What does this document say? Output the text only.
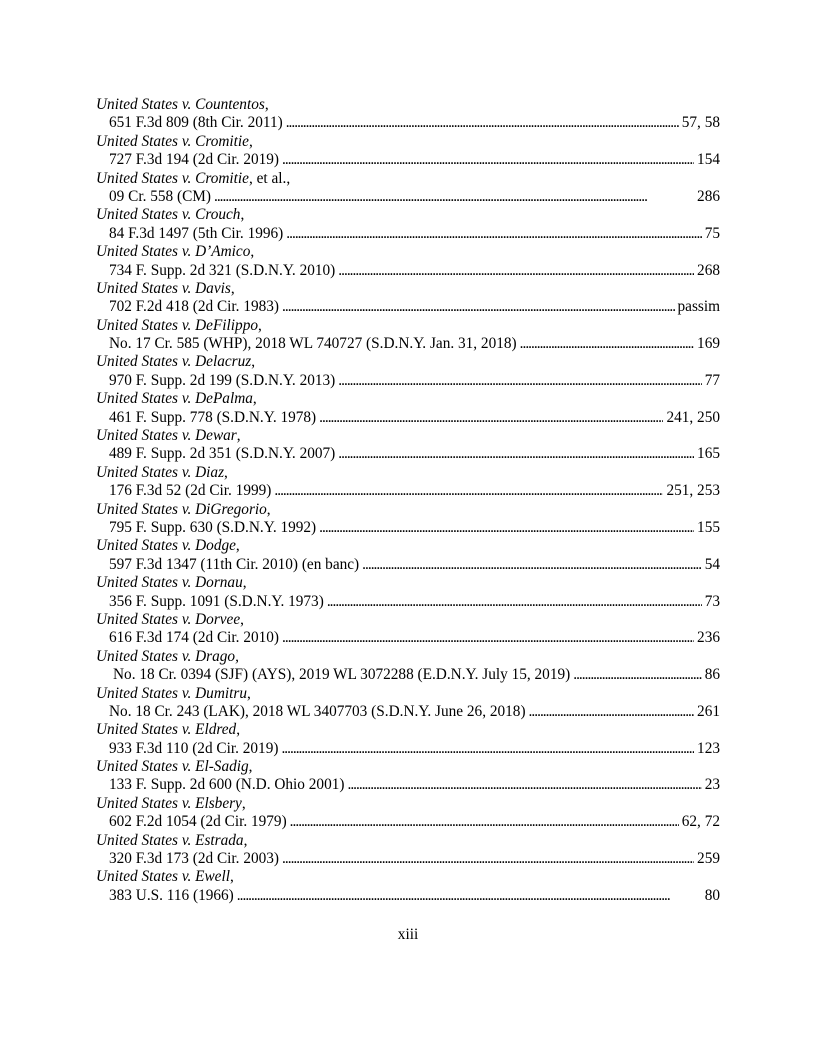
United States v. Countentos,
651 F.3d 809 (8th Cir. 2011) . . .	57, 58
United States v. Cromitie,
727 F.3d 194 (2d Cir. 2019) . . .	154
United States v. Cromitie, et al.,
09 Cr. 558 (CM) . . .	286
United States v. Crouch,
84 F.3d 1497 (5th Cir. 1996) . . .	75
United States v. D’Amico,
734 F. Supp. 2d 321 (S.D.N.Y. 2010) . . .	268
United States v. Davis,
702 F.2d 418 (2d Cir. 1983) . . .	passim
United States v. DeFilippo,
No. 17 Cr. 585 (WHP), 2018 WL 740727 (S.D.N.Y. Jan. 31, 2018) . . .	169
United States v. Delacruz,
970 F. Supp. 2d 199 (S.D.N.Y. 2013) . . .	77
United States v. DePalma,
461 F. Supp. 778 (S.D.N.Y. 1978) . . .	241, 250
United States v. Dewar,
489 F. Supp. 2d 351 (S.D.N.Y. 2007) . . .	165
United States v. Diaz,
176 F.3d 52 (2d Cir. 1999) . . .	251, 253
United States v. DiGregorio,
795 F. Supp. 630 (S.D.N.Y. 1992) . . .	155
United States v. Dodge,
597 F.3d 1347 (11th Cir. 2010) (en banc) . . .	54
United States v. Dornau,
356 F. Supp. 1091 (S.D.N.Y. 1973) . . .	73
United States v. Dorvee,
616 F.3d 174 (2d Cir. 2010) . . .	236
United States v. Drago,
No. 18 Cr. 0394 (SJF) (AYS), 2019 WL 3072288 (E.D.N.Y. July 15, 2019) . . .	86
United States v. Dumitru,
No. 18 Cr. 243 (LAK), 2018 WL 3407703 (S.D.N.Y. June 26, 2018) . . .	261
United States v. Eldred,
933 F.3d 110 (2d Cir. 2019) . . .	123
United States v. El-Sadig,
133 F. Supp. 2d 600 (N.D. Ohio 2001) . . .	23
United States v. Elsbery,
602 F.2d 1054 (2d Cir. 1979) . . .	62, 72
United States v. Estrada,
320 F.3d 173 (2d Cir. 2003) . . .	259
United States v. Ewell,
383 U.S. 116 (1966) . . .	80
xiii
